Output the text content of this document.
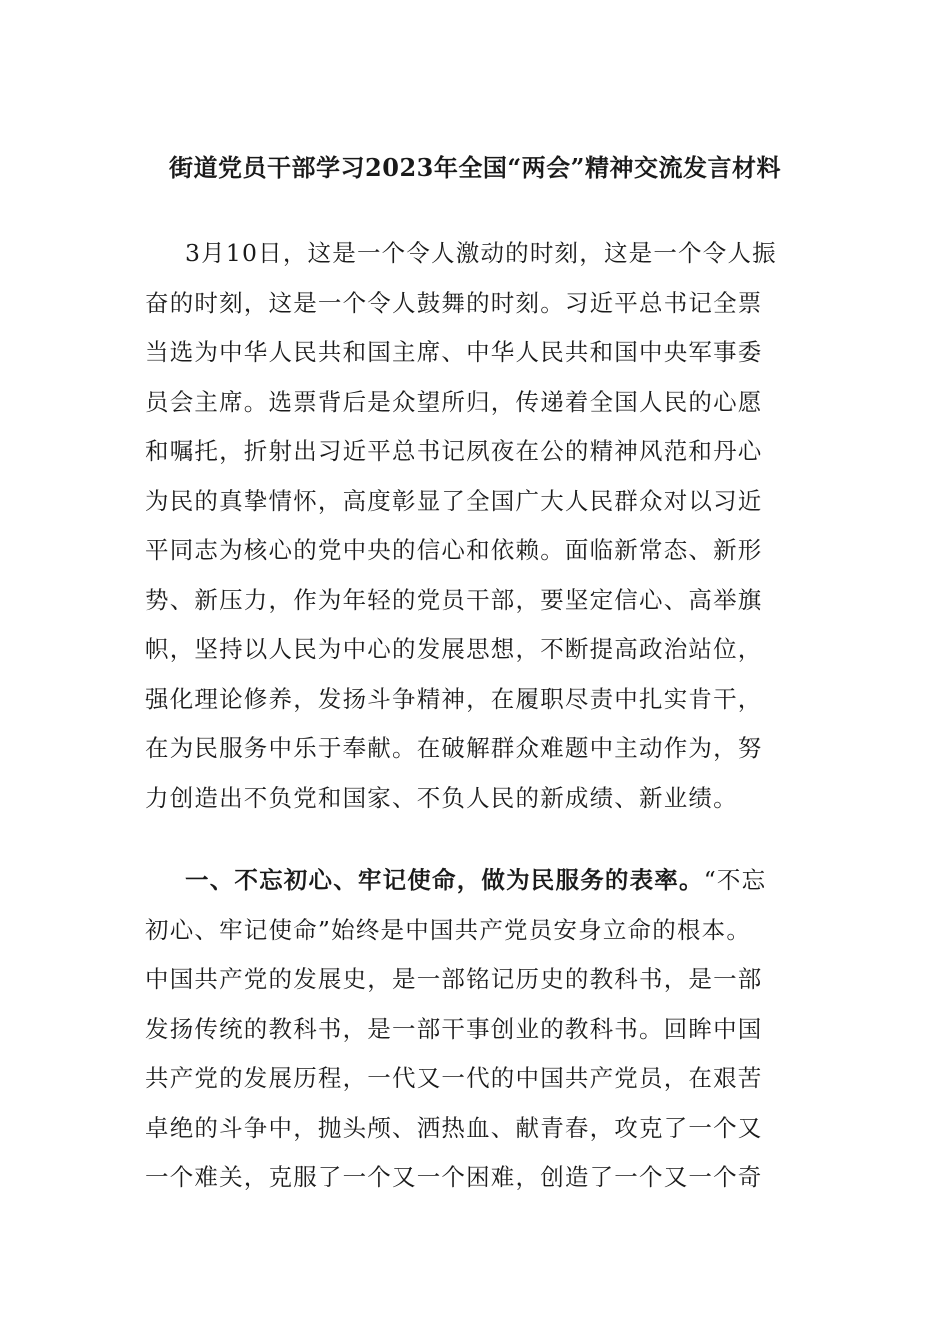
街道党员干部学习2023年全国“两会”精神交流发言材料
3月10日，这是一个令人激动的时刻，这是一个令人振
奋的时刻，这是一个令人鼓舞的时刻。习近平总书记全票
当选为中华人民共和国主席、中华人民共和国中央军事委
员会主席。选票背后是众望所归，传递着全国人民的心愿
和嘱托，折射出习近平总书记夙夜在公的精神风范和丹心
为民的真挚情怀，高度彰显了全国广大人民群众对以习近
平同志为核心的党中央的信心和依赖。面临新常态、新形
势、新压力，作为年轻的党员干部，要坚定信心、高举旗
帜，坚持以人民为中心的发展思想，不断提高政治站位，
强化理论修养，发扬斗争精神，在履职尽责中扎实肯干，
在为民服务中乐于奉献。在破解群众难题中主动作为，努
力创造出不负党和国家、不负人民的新成绩、新业绩。
一、不忘初心、牢记使命，做为民服务的表率。“不忘
初心、牢记使命”始终是中国共产党员安身立命的根本。
中国共产党的发展史，是一部铭记历史的教科书，是一部
发扬传统的教科书，是一部干事创业的教科书。回眸中国
共产党的发展历程，一代又一代的中国共产党员，在艰苦
卓绝的斗争中，抛头颅、洒热血、献青春，攻克了一个又
一个难关，克服了一个又一个困难，创造了一个又一个奇
